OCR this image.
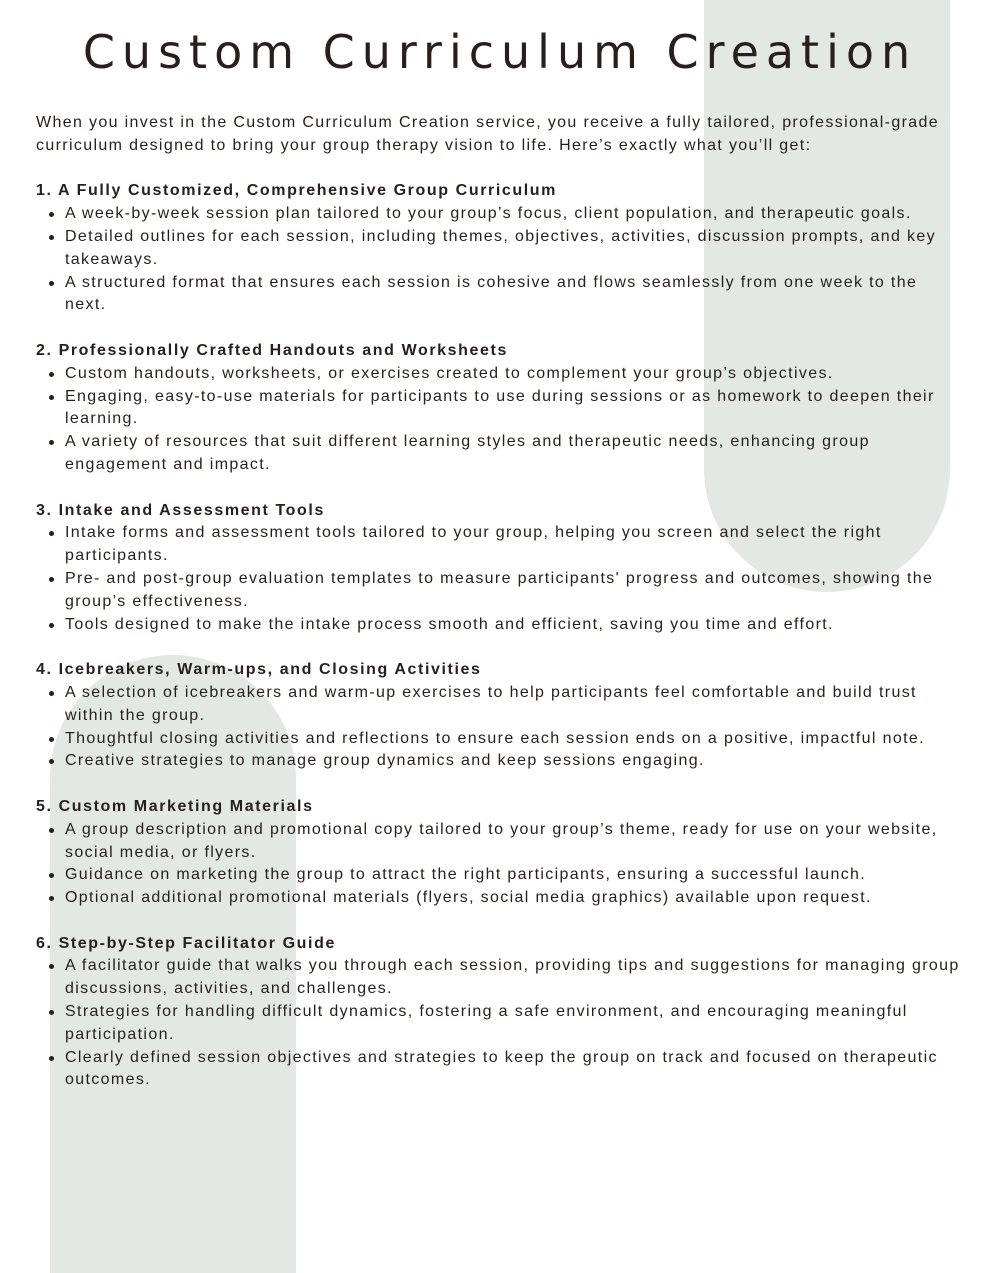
Custom Curriculum Creation

When you invest in the Custom Curriculum Creation service, you receive a fully tailored, professional-grade curriculum designed to bring your group therapy vision to life. Here’s exactly what you’ll get:

1. A Fully Customized, Comprehensive Group Curriculum
A week-by-week session plan tailored to your group’s focus, client population, and therapeutic goals.
Detailed outlines for each session, including themes, objectives, activities, discussion prompts, and key takeaways.
A structured format that ensures each session is cohesive and flows seamlessly from one week to the next.
2. Professionally Crafted Handouts and Worksheets
Custom handouts, worksheets, or exercises created to complement your group’s objectives.
Engaging, easy-to-use materials for participants to use during sessions or as homework to deepen their learning.
A variety of resources that suit different learning styles and therapeutic needs, enhancing group engagement and impact.
3. Intake and Assessment Tools
Intake forms and assessment tools tailored to your group, helping you screen and select the right participants.
Pre- and post-group evaluation templates to measure participants' progress and outcomes, showing the group’s effectiveness.
Tools designed to make the intake process smooth and efficient, saving you time and effort.
4. Icebreakers, Warm-ups, and Closing Activities
A selection of icebreakers and warm-up exercises to help participants feel comfortable and build trust within the group.
Thoughtful closing activities and reflections to ensure each session ends on a positive, impactful note.
Creative strategies to manage group dynamics and keep sessions engaging.
5. Custom Marketing Materials
A group description and promotional copy tailored to your group’s theme, ready for use on your website, social media, or flyers.
Guidance on marketing the group to attract the right participants, ensuring a successful launch.
Optional additional promotional materials (flyers, social media graphics) available upon request.
6. Step-by-Step Facilitator Guide
A facilitator guide that walks you through each session, providing tips and suggestions for managing group discussions, activities, and challenges.
Strategies for handling difficult dynamics, fostering a safe environment, and encouraging meaningful participation.
Clearly defined session objectives and strategies to keep the group on track and focused on therapeutic outcomes.
